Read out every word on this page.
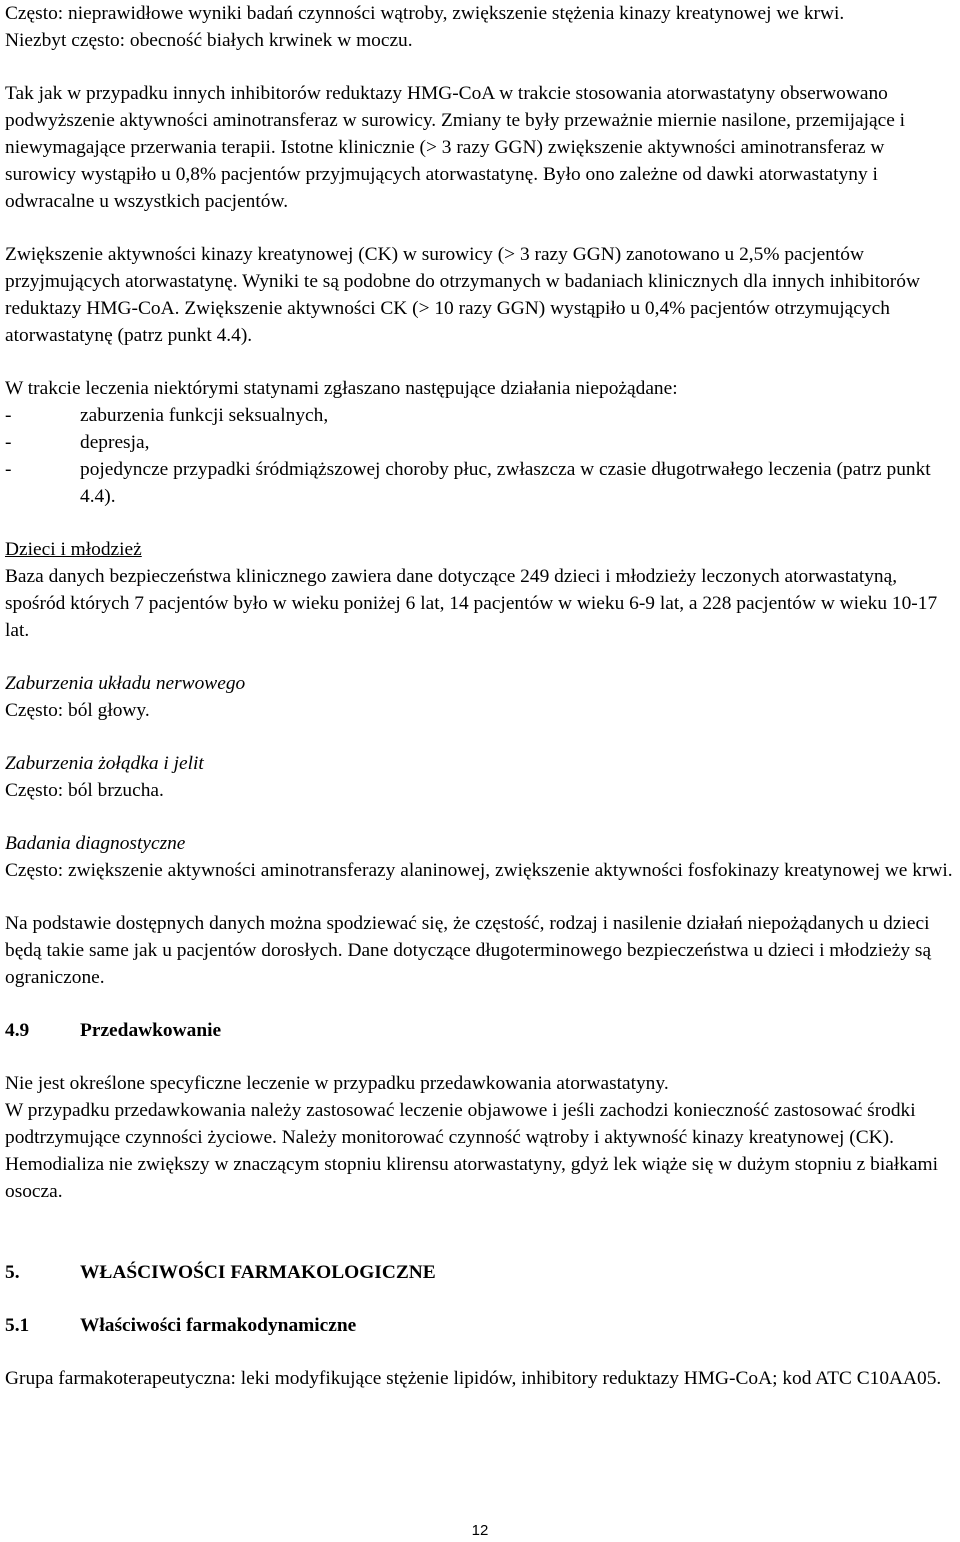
Często: nieprawidłowe wyniki badań czynności wątroby, zwiększenie stężenia kinazy kreatynowej we krwi.

Niezbyt często: obecność białych krwinek w moczu.

Tak jak w przypadku innych inhibitorów reduktazy HMG-CoA w trakcie stosowania atorwastatyny obserwowano podwyższenie aktywności aminotransferaz w surowicy. Zmiany te były przeważnie miernie nasilone, przemijające i niewymagające przerwania terapii. Istotne klinicznie (> 3 razy GGN) zwiększenie aktywności aminotransferaz w surowicy wystąpiło u 0,8% pacjentów przyjmujących atorwastatynę. Było ono zależne od dawki atorwastatyny i odwracalne u wszystkich pacjentów.

Zwiększenie aktywności kinazy kreatynowej (CK) w surowicy (> 3 razy GGN) zanotowano u 2,5% pacjentów przyjmujących atorwastatynę. Wyniki te są podobne do otrzymanych w badaniach klinicznych dla innych inhibitorów reduktazy HMG-CoA. Zwiększenie aktywności CK (> 10 razy GGN) wystąpiło u 0,4% pacjentów otrzymujących atorwastatynę (patrz punkt 4.4).

W trakcie leczenia niektórymi statynami zgłaszano następujące działania niepożądane:

-	zaburzenia funkcji seksualnych,
-	depresja,
-	pojedyncze przypadki śródmiąższowej choroby płuc, zwłaszcza w czasie długotrwałego leczenia (patrz punkt 4.4).

Dzieci i młodzież

Baza danych bezpieczeństwa klinicznego zawiera dane dotyczące 249 dzieci i młodzieży leczonych atorwastatyną, spośród których 7 pacjentów było w wieku poniżej 6 lat, 14 pacjentów w wieku 6-9 lat, a 228 pacjentów w wieku 10-17 lat.

Zaburzenia układu nerwowego

Często: ból głowy.

Zaburzenia żołądka i jelit

Często: ból brzucha.

Badania diagnostyczne

Często: zwiększenie aktywności aminotransferazy alaninowej, zwiększenie aktywności fosfokinazy kreatynowej we krwi.

Na podstawie dostępnych danych można spodziewać się, że częstość, rodzaj i nasilenie działań niepożądanych u dzieci będą takie same jak u pacjentów dorosłych. Dane dotyczące długoterminowego bezpieczeństwa u dzieci i młodzieży są ograniczone.

4.9	Przedawkowanie

Nie jest określone specyficzne leczenie w przypadku przedawkowania atorwastatyny.

W przypadku przedawkowania należy zastosować leczenie objawowe i jeśli zachodzi konieczność zastosować środki podtrzymujące czynności życiowe. Należy monitorować czynność wątroby i aktywność kinazy kreatynowej (CK). Hemodializa nie zwiększy w znaczącym stopniu klirensu atorwastatyny, gdyż lek wiąże się w dużym stopniu z białkami osocza.

5.	WŁAŚCIWOŚCI FARMAKOLOGICZNE
5.1	Właściwości farmakodynamiczne

Grupa farmakoterapeutyczna: leki modyfikujące stężenie lipidów, inhibitory reduktazy HMG-CoA; kod ATC C10AA05.

12
